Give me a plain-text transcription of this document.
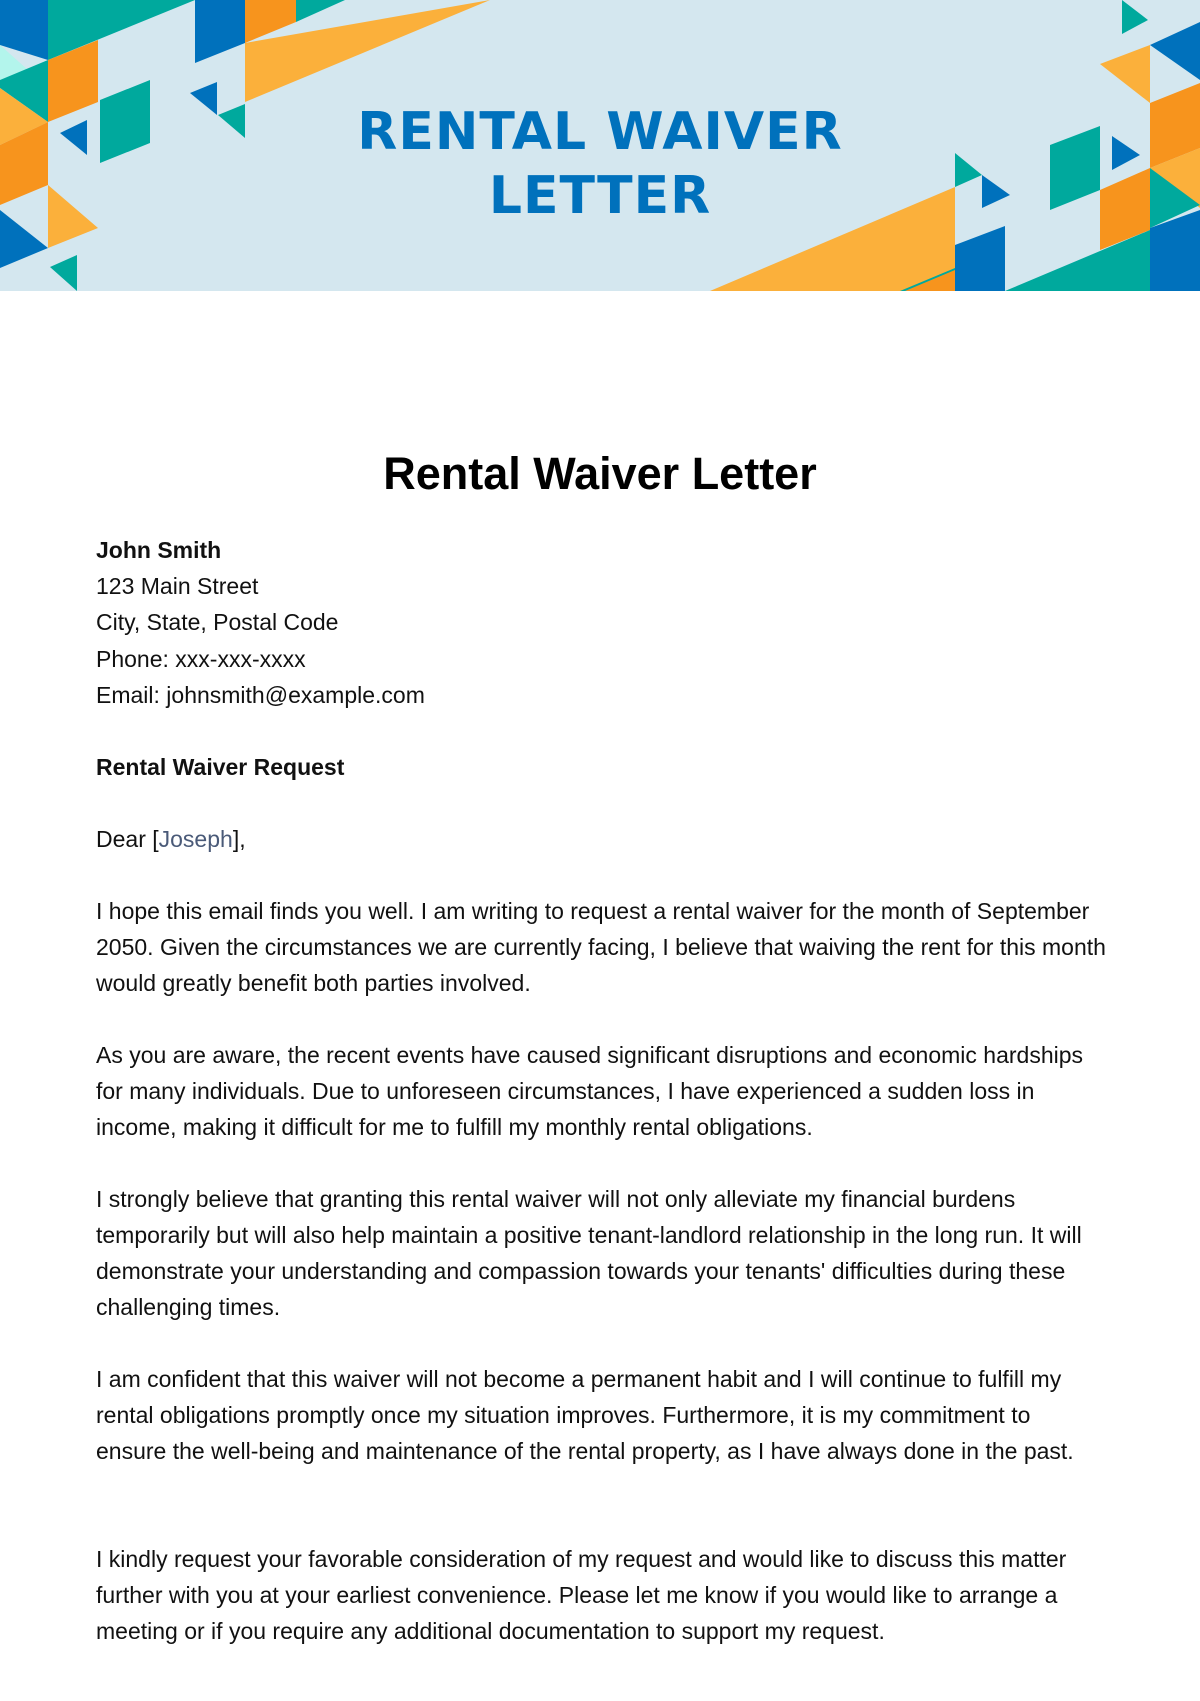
RENTAL WAIVER
LETTER
Rental Waiver Letter

John Smith

123 Main Street

City, State, Postal Code

Phone: xxx-xxx-xxxx

Email: johnsmith@example.com

Rental Waiver Request

Dear [Joseph],

I hope this email finds you well. I am writing to request a rental waiver for the month of September 2050. Given the circumstances we are currently facing, I believe that waiving the rent for this month would greatly benefit both parties involved.

As you are aware, the recent events have caused significant disruptions and economic hardships for many individuals. Due to unforeseen circumstances, I have experienced a sudden loss in income, making it difficult for me to fulfill my monthly rental obligations.

I strongly believe that granting this rental waiver will not only alleviate my financial burdens temporarily but will also help maintain a positive tenant-landlord relationship in the long run. It will demonstrate your understanding and compassion towards your tenants' difficulties during these challenging times.

I am confident that this waiver will not become a permanent habit and I will continue to fulfill my rental obligations promptly once my situation improves. Furthermore, it is my commitment to ensure the well-being and maintenance of the rental property, as I have always done in the past.

I kindly request your favorable consideration of my request and would like to discuss this matter further with you at your earliest convenience. Please let me know if you would like to arrange a meeting or if you require any additional documentation to support my request.
